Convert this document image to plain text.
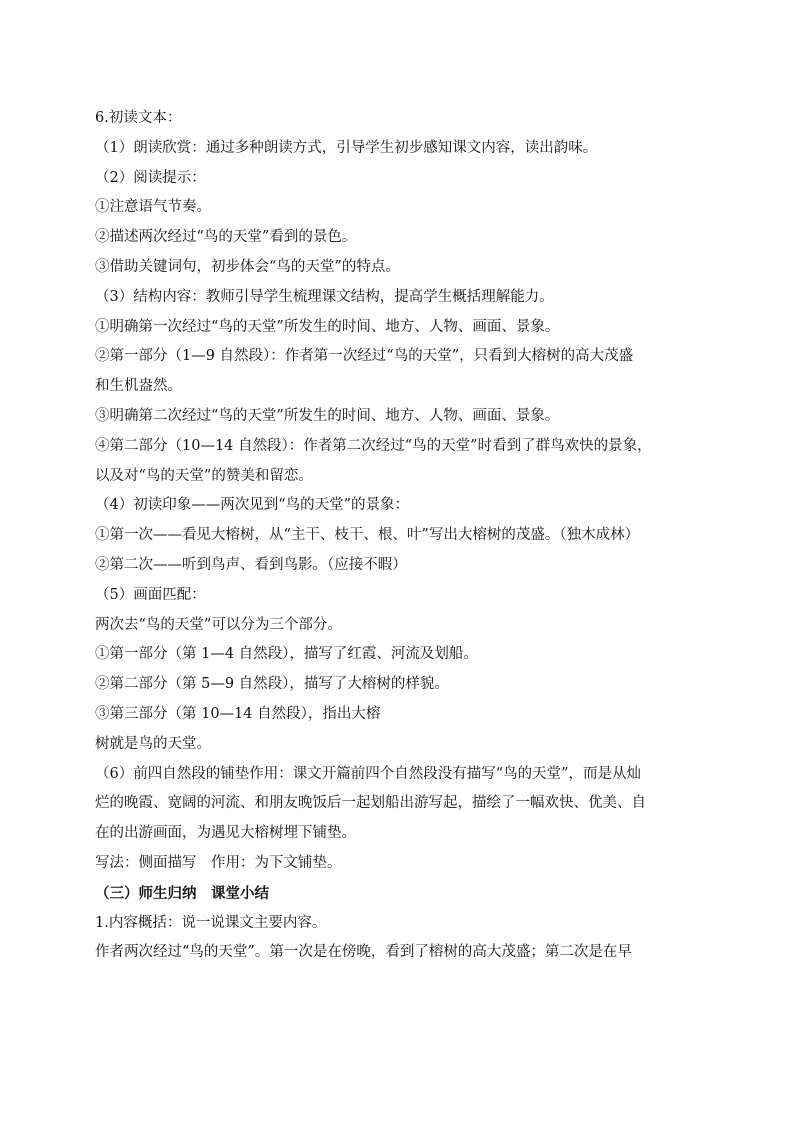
6.初读文本：
（1）朗读欣赏：通过多种朗读方式，引导学生初步感知课文内容，读出韵味。
（2）阅读提示：
①注意语气节奏。
②描述两次经过“鸟的天堂”看到的景色。
③借助关键词句，初步体会“鸟的天堂”的特点。
（3）结构内容：教师引导学生梳理课文结构，提高学生概括理解能力。
①明确第一次经过“鸟的天堂”所发生的时间、地方、人物、画面、景象。
②第一部分（1—9 自然段）：作者第一次经过“鸟的天堂”，只看到大榕树的高大茂盛
和生机盎然。
③明确第二次经过“鸟的天堂”所发生的时间、地方、人物、画面、景象。
④第二部分（10—14 自然段）：作者第二次经过“鸟的天堂”时看到了群鸟欢快的景象，
以及对“鸟的天堂”的赞美和留恋。
（4）初读印象——两次见到“鸟的天堂”的景象：
①第一次——看见大榕树，从“主干、枝干、根、叶”写出大榕树的茂盛。（独木成林）
②第二次——听到鸟声、看到鸟影。（应接不暇）
（5）画面匹配：
两次去“鸟的天堂”可以分为三个部分。
①第一部分（第 1—4 自然段），描写了红霞、河流及划船。
②第二部分（第 5—9 自然段），描写了大榕树的样貌。
③第三部分（第 10—14 自然段），指出大榕
树就是鸟的天堂。
（6）前四自然段的铺垫作用：课文开篇前四个自然段没有描写“鸟的天堂”，而是从灿
烂的晚霞、宽阔的河流、和朋友晚饭后一起划船出游写起，描绘了一幅欢快、优美、自
在的出游画面，为遇见大榕树埋下铺垫。
写法：侧面描写　作用：为下文铺垫。
（三）师生归纳　课堂小结
1.内容概括：说一说课文主要内容。
作者两次经过“鸟的天堂”。第一次是在傍晚，看到了榕树的高大茂盛；第二次是在早
